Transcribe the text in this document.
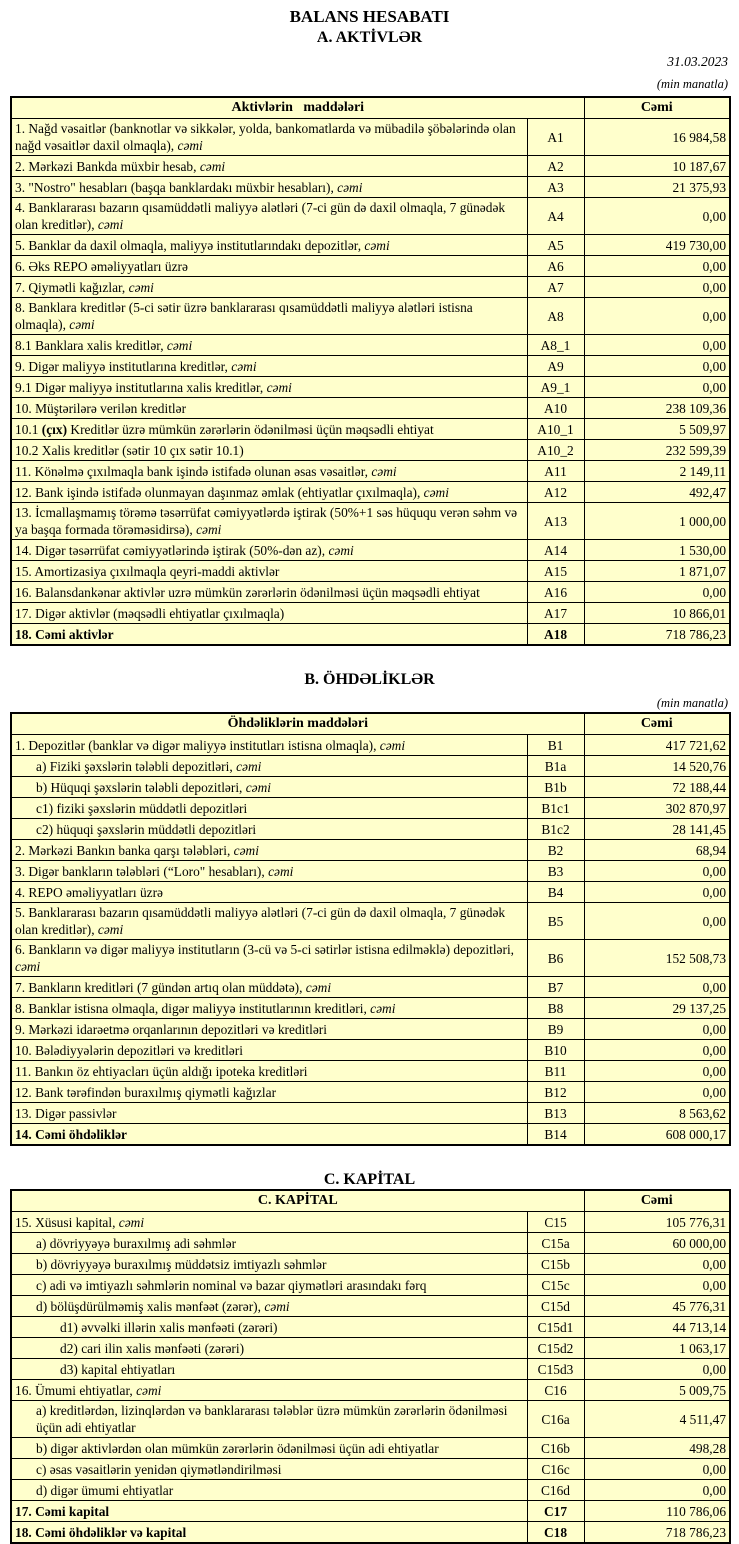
BALANS HESABATI
A. AKTİVLƏR
31.03.2023
(min manatla)
Aktivlərin   maddələri		Cəmi
1. Nağd vəsaitlər (banknotlar və sikkələr, yolda, bankomatlarda və mübadilə şöbələrində olan nağd vəsaitlər daxil olmaqla), cəmi	A1	16 984,58
2. Mərkəzi Bankda müxbir hesab, cəmi	A2	10 187,67
3. "Nostro" hesabları (başqa banklardakı müxbir hesabları), cəmi	A3	21 375,93
4. Banklararası bazarın qısamüddətli maliyyə alətləri (7-ci gün də daxil olmaqla, 7 günədək olan kreditlər), cəmi	A4	0,00
5. Banklar da daxil olmaqla, maliyyə institutlarındakı depozitlər, cəmi	A5	419 730,00
6. Əks REPO əməliyyatları üzrə	A6	0,00
7. Qiymətli kağızlar, cəmi	A7	0,00
8. Banklara kreditlər (5-ci sətir üzrə banklararası qısamüddətli maliyyə alətləri istisna olmaqla), cəmi	A8	0,00
8.1 Banklara xalis kreditlər, cəmi	A8_1	0,00
9. Digər maliyyə institutlarına kreditlər, cəmi	A9	0,00
9.1 Digər maliyyə institutlarına xalis kreditlər, cəmi	A9_1	0,00
10. Müştərilərə verilən kreditlər	A10	238 109,36
10.1 (çıx) Kreditlər üzrə mümkün zərərlərin ödənilməsi üçün məqsədli ehtiyat	A10_1	5 509,97
10.2 Xalis kreditlər (sətir 10 çıx sətir 10.1)	A10_2	232 599,39
11. Könəlmə çıxılmaqla bank işində istifadə olunan əsas vəsaitlər, cəmi	A11	2 149,11
12. Bank işində istifadə olunmayan daşınmaz əmlak (ehtiyatlar çıxılmaqla), cəmi	A12	492,47
13. İcmallaşmamış törəmə təsərrüfat cəmiyyətlərdə iştirak (50%+1 səs hüququ verən səhm və ya başqa formada törəməsidirsə), cəmi	A13	1 000,00
14. Digər təsərrüfat cəmiyyətlərində iştirak (50%-dən az), cəmi	A14	1 530,00
15. Amortizasiya çıxılmaqla qeyri-maddi aktivlər	A15	1 871,07
16. Balansdankənar aktivlər uzrə mümkün zərərlərin ödənilməsi üçün məqsədli ehtiyat	A16	0,00
17. Digər aktivlər (məqsədli ehtiyatlar çıxılmaqla)	A17	10 866,01
18. Cəmi aktivlər	A18	718 786,23
B. ÖHDƏLİKLƏR
(min manatla)
Öhdəliklərin maddələri		Cəmi
1. Depozitlər (banklar və digər maliyyə institutları istisna olmaqla), cəmi	B1	417 721,62
a) Fiziki şəxslərin tələbli depozitləri, cəmi	B1a	14 520,76
b) Hüquqi şəxslərin tələbli depozitləri, cəmi	B1b	72 188,44
c1) fiziki şəxslərin müddətli depozitləri	B1c1	302 870,97
c2) hüquqi şəxslərin müddətli depozitləri	B1c2	28 141,45
2. Mərkəzi Bankın banka qarşı tələbləri, cəmi	B2	68,94
3. Digər bankların tələbləri (“Loro" hesabları), cəmi	B3	0,00
4. REPO əməliyyatları üzrə	B4	0,00
5. Banklararası bazarın qısamüddətli maliyyə alətləri (7-ci gün də daxil olmaqla, 7 günədək olan kreditlər), cəmi	B5	0,00
6. Bankların və digər maliyyə institutların (3-cü və 5-ci sətirlər istisna edilməklə) depozitləri, cəmi	B6	152 508,73
7. Bankların kreditləri (7 gündən artıq olan müddətə), cəmi	B7	0,00
8. Banklar istisna olmaqla, digər maliyyə institutlarının kreditləri, cəmi	B8	29 137,25
9. Mərkəzi idarəetmə orqanlarının depozitləri və kreditləri	B9	0,00
10. Bələdiyyələrin depozitləri və kreditləri	B10	0,00
11. Bankın öz ehtiyacları üçün aldığı ipoteka kreditləri	B11	0,00
12. Bank tərəfindən buraxılmış qiymətli kağızlar	B12	0,00
13. Digər passivlər	B13	8 563,62
14. Cəmi öhdəliklər	B14	608 000,17
C. KAPİTAL
C. KAPİTAL		Cəmi
15. Xüsusi kapital, cəmi	C15	105 776,31
a) dövriyyəyə buraxılmış adi səhmlər	C15a	60 000,00
b) dövriyyəyə buraxılmış müddətsiz imtiyazlı səhmlər	C15b	0,00
c) adi və imtiyazlı səhmlərin nominal və bazar qiymətləri arasındakı fərq	C15c	0,00
d) bölüşdürülməmiş xalis mənfəət (zərər), cəmi	C15d	45 776,31
d1) əvvəlki illərin xalis mənfəəti (zərəri)	C15d1	44 713,14
d2) cari ilin xalis mənfəəti (zərəri)	C15d2	1 063,17
d3) kapital ehtiyatları	C15d3	0,00
16. Ümumi ehtiyatlar, cəmi	C16	5 009,75
a) kreditlərdən, lizinqlərdən və banklararası tələblər üzrə mümkün zərərlərin ödənilməsi üçün adi ehtiyatlar	C16a	4 511,47
b) digər aktivlərdən olan mümkün zərərlərin ödənilməsi üçün adi ehtiyatlar	C16b	498,28
c) əsas vəsaitlərin yenidən qiymətləndirilməsi	C16c	0,00
d) digər ümumi ehtiyatlar	C16d	0,00
17. Cəmi kapital	C17	110 786,06
18. Cəmi öhdəliklər və kapital	C18	718 786,23
